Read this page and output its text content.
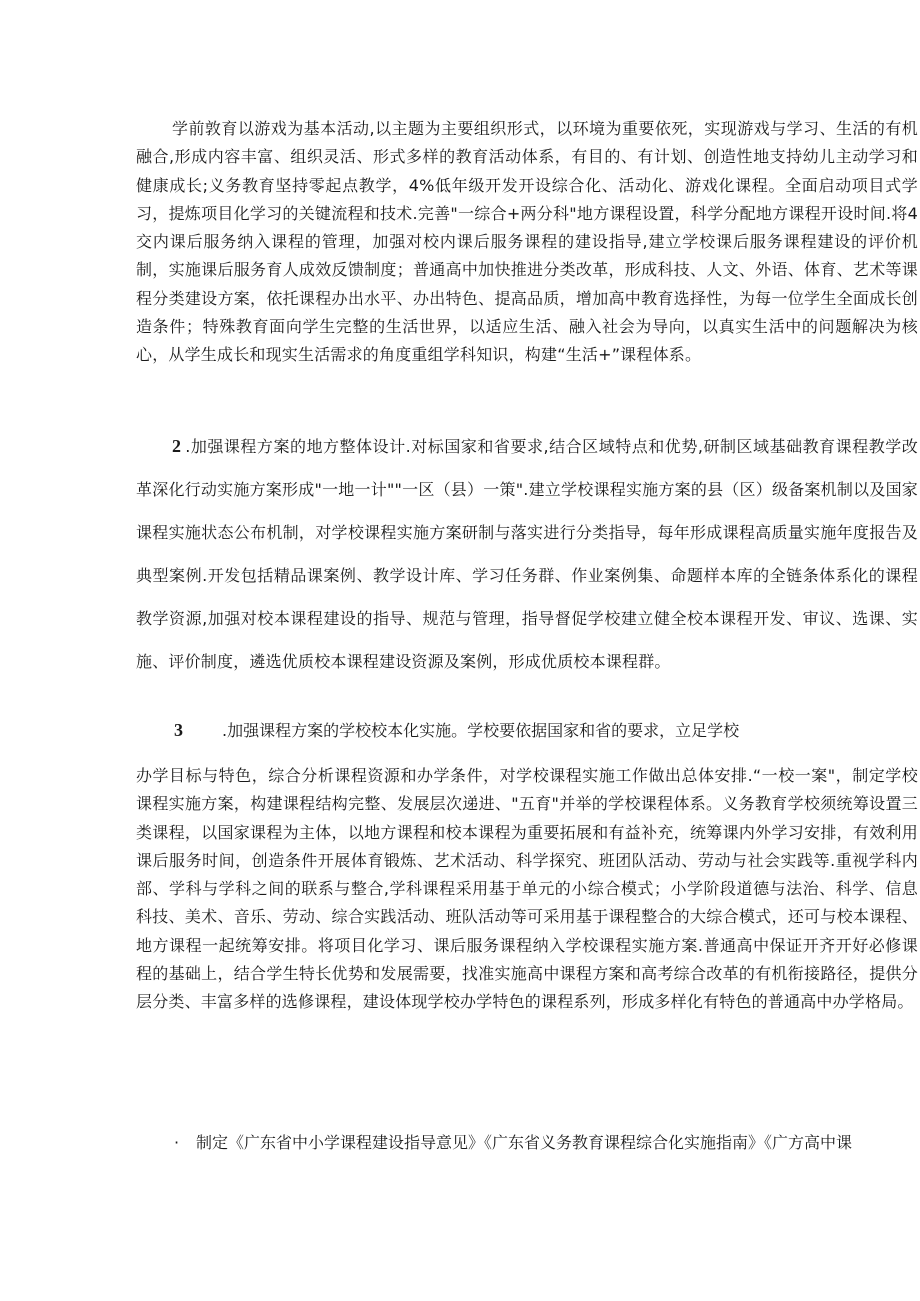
学前敦育以游戏为基本活动,以主题为主要组织形式，以环境为重要依死，实现游戏与学习、生活的有机融合,形成内容丰富、组织灵活、形式多样的教育活动体系，有目的、有计划、创造性地支持幼儿主动学习和健康成长;义务教育坚持零起点教学，4%低年级开发开设综合化、活动化、游戏化课程。全面启动项目式学习，提炼项目化学习的关键流程和技术.完善"一综合+两分科"地方课程设置，科学分配地方课程开设时间.将4交内课后服务纳入课程的管理，加强对校内课后服务课程的建设指导,建立学校课后服务课程建设的评价机制，实施课后服务育人成效反馈制度；普通高中加快推进分类改革，形成科技、人文、外语、体育、艺术等课程分类建设方案，依托课程办出水平、办出特色、提高品质，增加高中教育选择性，为每一位学生全面成长创造条件；特殊教育面向学生完整的生活世界，以适应生活、融入社会为导向，以真实生活中的问题解决为核心，从学生成长和现实生活需求的角度重组学科知识，构建“生活+”课程体系。

2 .加强课程方案的地方整体设计.对标国家和省要求,结合区域特点和优势,研制区域基础教育课程教学改革深化行动实施方案形成"一地一计""一区（县）一策".建立学校课程实施方案的县（区）级备案机制以及国家课程实施状态公布机制，对学校课程实施方案研制与落实进行分类指导，每年形成课程高质量实施年度报告及典型案例.开发包括精品课案例、教学设计库、学习任务群、作业案例集、命题样本库的全链条体系化的课程教学资源,加强对校本课程建设的指导、规范与管理，指导督促学校建立健全校本课程开发、审议、选课、实施、评价制度，遴选优质校本课程建设资源及案例，形成优质校本课程群。

3 .加强课程方案的学校校本化实施。学校要依据国家和省的要求，立足学校

办学目标与特色，综合分析课程资源和办学条件，对学校课程实施工作做出总体安排.“一校一案"，制定学校课程实施方案，构建课程结构完整、发展层次递进、"五育"并举的学校课程体系。义务教育学校须统筹设置三类课程，以国家课程为主体，以地方课程和校本课程为重要拓展和有益补充，统筹课内外学习安排，有效利用课后服务时间，创造条件开展体育锻炼、艺术活动、科学探究、班团队活动、劳动与社会实践等.重视学科内部、学科与学科之间的联系与整合,学科课程采用基于单元的小综合模式；小学阶段道德与法治、科学、信息科技、美术、音乐、劳动、综合实践活动、班队活动等可采用基于课程整合的大综合模式，还可与校本课程、地方课程一起统筹安排。将项目化学习、课后服务课程纳入学校课程实施方案.普通高中保证开齐开好必修课程的基础上，结合学生特长优势和发展需要，找准实施高中课程方案和高考综合改革的有机衔接路径，提供分层分类、丰富多样的选修课程，建设体现学校办学特色的课程系列，形成多样化有特色的普通高中办学格局。

· 制定《广东省中小学课程建设指导意见》《广东省义务教育课程综合化实施指南》《广方高中课
